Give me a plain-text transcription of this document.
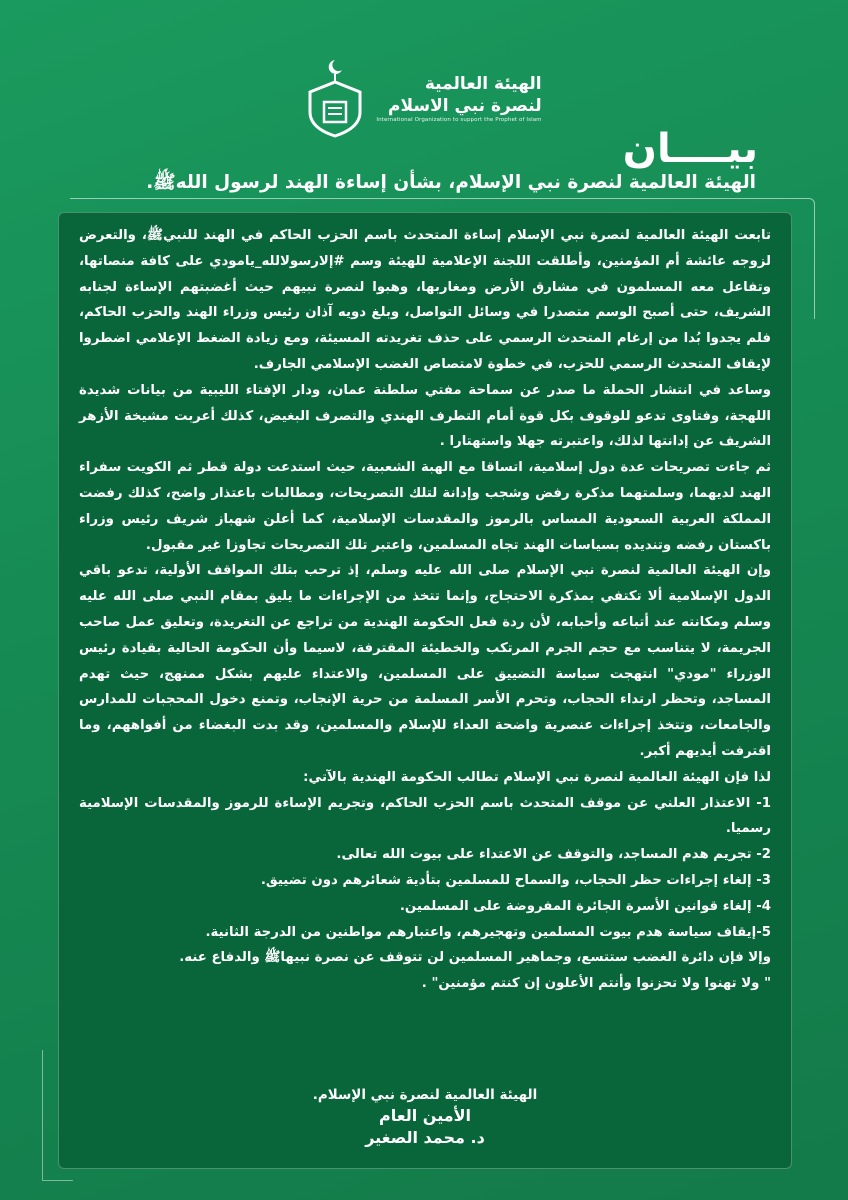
الهيئة العالمية
لنصرة نبي الاسلام
International Organization to support the Prophet of Islam
بيــــان
الهيئة العالمية لنصرة نبي الإسلام، بشأن إساءة الهند لرسول اللهﷺ.

تابعت الهيئة العالمية لنصرة نبي الإسلام إساءة المتحدث باسم الحزب الحاكم في الهند للنبيﷺ، والتعرض لزوجه عائشة أم المؤمنين، وأطلقت اللجنة الإعلامية للهيئة وسم #إلارسولالله_يامودي على كافة منصاتها، وتفاعل معه المسلمون في مشارق الأرض ومغاربها، وهبوا لنصرة نبيهم حيث أغضبتهم الإساءة لجنابه الشريف، حتى أصبح الوسم متصدرا في وسائل التواصل، وبلغ دويه آذان رئيس وزراء الهند والحزب الحاكم، فلم يجدوا بُدا من إرغام المتحدث الرسمي على حذف تغريدته المسيئة، ومع زيادة الضغط الإعلامي اضطروا لإيقاف المتحدث الرسمي للحزب، في خطوة لامتصاص الغضب الإسلامي الجارف.

وساعد في انتشار الحملة ما صدر عن سماحة مفتي سلطنة عمان، ودار الإفتاء الليبية من بيانات شديدة اللهجة، وفتاوى تدعو للوقوف بكل قوة أمام التطرف الهندي والتصرف البغيض، كذلك أعربت مشيخة الأزهر الشريف عن إدانتها لذلك، واعتبرته جهلا واستهتارا .

ثم جاءت تصريحات عدة دول إسلامية، اتساقا مع الهبة الشعبية، حيث استدعت دولة قطر ثم الكويت سفراء الهند لديهما، وسلمتهما مذكرة رفض وشجب وإدانة لتلك التصريحات، ومطالبات باعتذار واضح، كذلك رفضت المملكة العربية السعودية المساس بالرموز والمقدسات الإسلامية، كما أعلن شهباز شريف رئيس وزراء باكستان رفضه وتنديده بسياسات الهند تجاه المسلمين، واعتبر تلك التصريحات تجاوزا غير مقبول.

وإن الهيئة العالمية لنصرة نبي الإسلام صلى الله عليه وسلم، إذ ترحب بتلك المواقف الأولية، تدعو باقي الدول الإسلامية ألا تكتفي بمذكرة الاحتجاج، وإنما تتخذ من الإجراءات ما يليق بمقام النبي صلى الله عليه وسلم ومكانته عند أتباعه وأحبابه، لأن ردة فعل الحكومة الهندية من تراجع عن التغريدة، وتعليق عمل صاحب الجريمة، لا يتناسب مع حجم الجرم المرتكب والخطيئة المقترفة، لاسيما وأن الحكومة الحالية بقيادة رئيس الوزراء "مودي" انتهجت سياسة التضييق على المسلمين، والاعتداء عليهم بشكل ممنهج، حيث تهدم المساجد، وتحظر ارتداء الحجاب، وتحرم الأسر المسلمة من حرية الإنجاب، وتمنع دخول المحجبات للمدارس والجامعات، وتتخذ إجراءات عنصرية واضحة العداء للإسلام والمسلمين، وقد بدت البغضاء من أفواههم، وما اقترفت أيديهم أكبر.

لذا فإن الهيئة العالمية لنصرة نبي الإسلام تطالب الحكومة الهندية بالآتي:

1- الاعتذار العلني عن موقف المتحدث باسم الحزب الحاكم، وتجريم الإساءة للرموز والمقدسات الإسلامية رسميا.

2- تجريم هدم المساجد، والتوقف عن الاعتداء على بيوت الله تعالى.

3- إلغاء إجراءات حظر الحجاب، والسماح للمسلمين بتأدية شعائرهم دون تضييق.

4- إلغاء قوانين الأسرة الجائرة المفروضة على المسلمين.

5-إيقاف سياسة هدم بيوت المسلمين وتهجيرهم، واعتبارهم مواطنين من الدرجة الثانية.

وإلا فإن دائرة الغضب ستتسع، وجماهير المسلمين لن تتوقف عن نصرة نبيهاﷺ والدفاع عنه.

" ولا تهنوا ولا تحزنوا وأنتم الأعلون إن كنتم مؤمنين" .

الهيئة العالمية لنصرة نبي الإسلام.
الأمين العام
د. محمد الصغير
